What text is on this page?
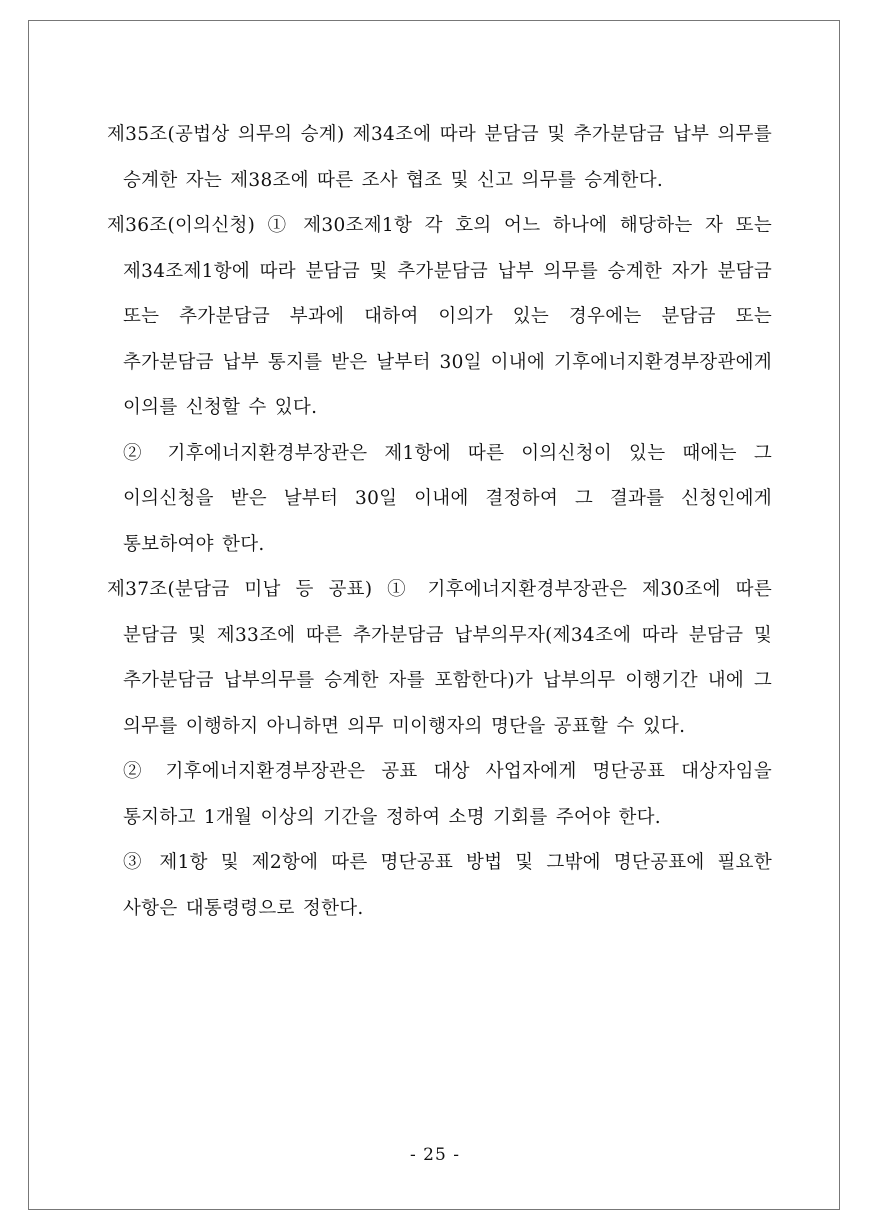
제35조(공법상 의무의 승계) 제34조에 따라 분담금 및 추가분담금 납부 의무를 승계한 자는 제38조에 따른 조사 협조 및 신고 의무를 승계한다.

제36조(이의신청) ① 제30조제1항 각 호의 어느 하나에 해당하는 자 또는 제34조제1항에 따라 분담금 및 추가분담금 납부 의무를 승계한 자가 분담금 또는 추가분담금 부과에 대하여 이의가 있는 경우에는 분담금 또는 추가분담금 납부 통지를 받은 날부터 30일 이내에 기후에너지환경부장관에게 이의를 신청할 수 있다.

② 기후에너지환경부장관은 제1항에 따른 이의신청이 있는 때에는 그 이의신청을 받은 날부터 30일 이내에 결정하여 그 결과를 신청인에게 통보하여야 한다.

제37조(분담금 미납 등 공표) ① 기후에너지환경부장관은 제30조에 따른 분담금 및 제33조에 따른 추가분담금 납부의무자(제34조에 따라 분담금 및 추가분담금 납부의무를 승계한 자를 포함한다)가 납부의무 이행기간 내에 그 의무를 이행하지 아니하면 의무 미이행자의 명단을 공표할 수 있다.

② 기후에너지환경부장관은 공표 대상 사업자에게 명단공표 대상자임을 통지하고 1개월 이상의 기간을 정하여 소명 기회를 주어야 한다.

③ 제1항 및 제2항에 따른 명단공표 방법 및 그밖에 명단공표에 필요한 사항은 대통령령으로 정한다.

- 25 -
